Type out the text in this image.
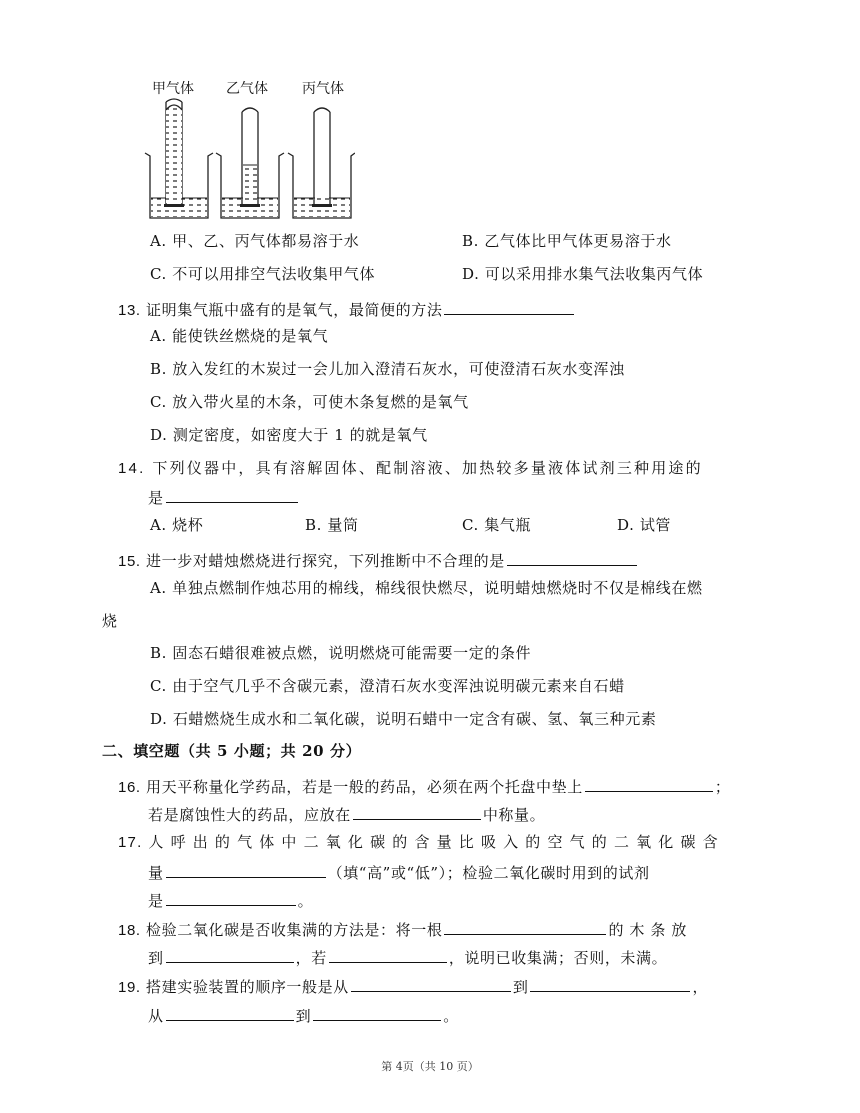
甲气体 乙气体 丙气体
A. 甲、乙、丙气体都易溶于水	B. 乙气体比甲气体更易溶于水
C. 不可以用排空气法收集甲气体	D. 可以采用排水集气法收集丙气体
13. 证明集气瓶中盛有的是氧气，最简便的方法
A. 能使铁丝燃烧的是氧气
B. 放入发红的木炭过一会儿加入澄清石灰水，可使澄清石灰水变浑浊
C. 放入带火星的木条，可使木条复燃的是氧气
D. 测定密度，如密度大于 1 的就是氧气
14. 下列仪器中，具有溶解固体、配制溶液、加热较多量液体试剂三种用途的
是
A. 烧杯	B. 量筒	C. 集气瓶	D. 试管
15. 进一步对蜡烛燃烧进行探究，下列推断中不合理的是
A. 单独点燃制作烛芯用的棉线，棉线很快燃尽，说明蜡烛燃烧时不仅是棉线在燃
烧
B. 固态石蜡很难被点燃，说明燃烧可能需要一定的条件
C. 由于空气几乎不含碳元素，澄清石灰水变浑浊说明碳元素来自石蜡
D. 石蜡燃烧生成水和二氧化碳，说明石蜡中一定含有碳、氢、氧三种元素
二、填空题（共 5 小题；共 20 分）
16. 用天平称量化学药品，若是一般的药品，必须在两个托盘中垫上	；
若是腐蚀性大的药品，应放在	中称量。
17. 人 呼 出 的 气 体 中 二 氧 化 碳 的 含 量 比 吸 入 的 空 气 的 二 氧 化 碳 含
量	（填“高”或“低”）；检验二氧化碳时用到的试剂
是	。
18. 检验二氧化碳是否收集满的方法是：将一根	的 木 条 放
到	，若	，说明已收集满；否则，未满。
19. 搭建实验装置的顺序一般是从	到	，
从	到	。
第 4页（共 10 页）
